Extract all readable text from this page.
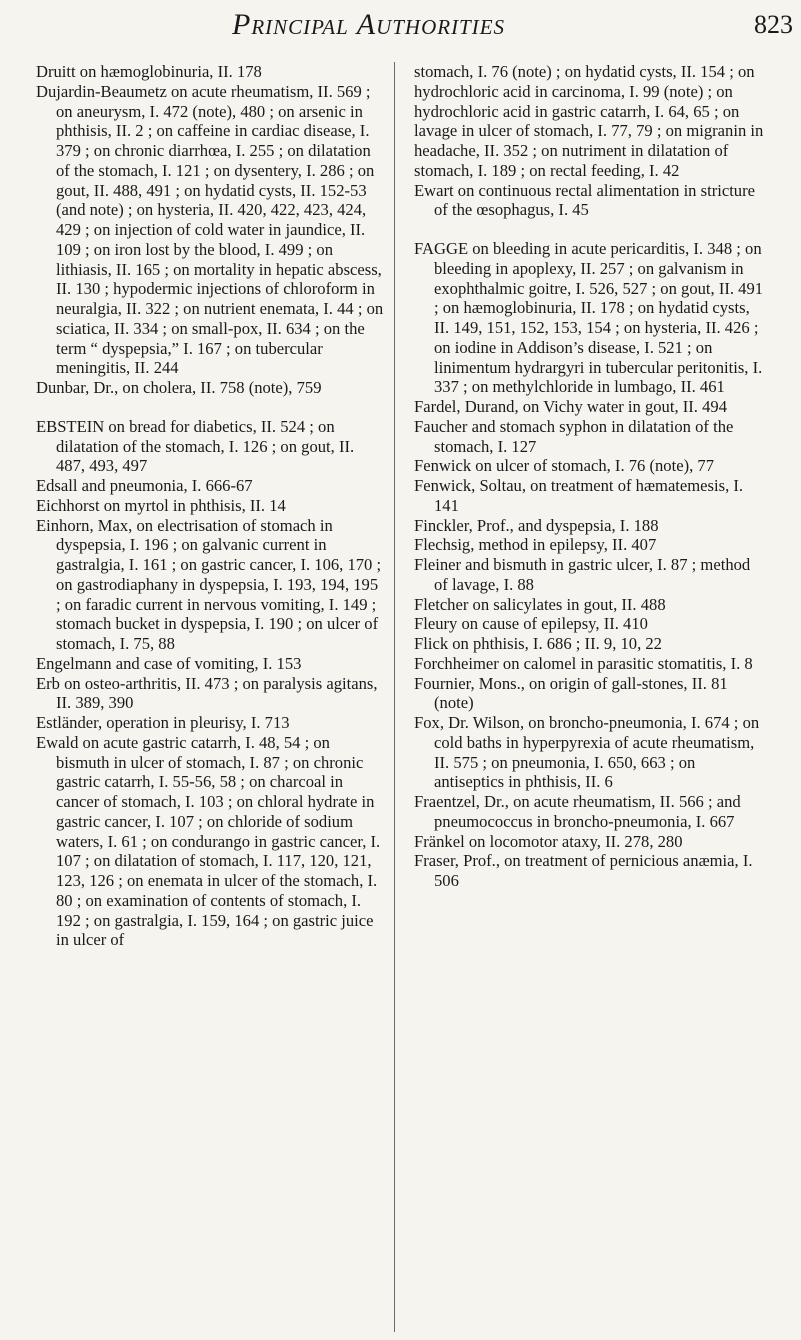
Principal Authorities	823

Druitt on hæmoglobinuria, II. 178

Dujardin-Beaumetz on acute rheumatism, II. 569 ; on aneurysm, I. 472 (note), 480 ; on arsenic in phthisis, II. 2 ; on caffeine in cardiac disease, I. 379 ; on chronic diarrhœa, I. 255 ; on dilatation of the stomach, I. 121 ; on dysentery, I. 286 ; on gout, II. 488, 491 ; on hydatid cysts, II. 152-53 (and note) ; on hysteria, II. 420, 422, 423, 424, 429 ; on injection of cold water in jaundice, II. 109 ; on iron lost by the blood, I. 499 ; on lithiasis, II. 165 ; on mortality in hepatic abscess, II. 130 ; hypodermic injections of chloroform in neuralgia, II. 322 ; on nutrient enemata, I. 44 ; on sciatica, II. 334 ; on small-pox, II. 634 ; on the term “ dyspepsia,” I. 167 ; on tubercular meningitis, II. 244

Dunbar, Dr., on cholera, II. 758 (note), 759

EBSTEIN on bread for diabetics, II. 524 ; on dilatation of the stomach, I. 126 ; on gout, II. 487, 493, 497

Edsall and pneumonia, I. 666-67

Eichhorst on myrtol in phthisis, II. 14

Einhorn, Max, on electrisation of stomach in dyspepsia, I. 196 ; on galvanic current in gastralgia, I. 161 ; on gastric cancer, I. 106, 170 ; on gastrodiaphany in dyspepsia, I. 193, 194, 195 ; on faradic current in nervous vomiting, I. 149 ; stomach bucket in dyspepsia, I. 190 ; on ulcer of stomach, I. 75, 88

Engelmann and case of vomiting, I. 153

Erb on osteo-arthritis, II. 473 ; on paralysis agitans, II. 389, 390

Estländer, operation in pleurisy, I. 713

Ewald on acute gastric catarrh, I. 48, 54 ; on bismuth in ulcer of stomach, I. 87 ; on chronic gastric catarrh, I. 55-56, 58 ; on charcoal in cancer of stomach, I. 103 ; on chloral hydrate in gastric cancer, I. 107 ; on chloride of sodium waters, I. 61 ; on condurango in gastric cancer, I. 107 ; on dilatation of stomach, I. 117, 120, 121, 123, 126 ; on enemata in ulcer of the stomach, I. 80 ; on examination of contents of stomach, I. 192 ; on gastralgia, I. 159, 164 ; on gastric juice in ulcer of

stomach, I. 76 (note) ; on hydatid cysts, II. 154 ; on hydrochloric acid in carcinoma, I. 99 (note) ; on hydrochloric acid in gastric catarrh, I. 64, 65 ; on lavage in ulcer of stomach, I. 77, 79 ; on migranin in headache, II. 352 ; on nutriment in dilatation of stomach, I. 189 ; on rectal feeding, I. 42

Ewart on continuous rectal alimentation in stricture of the œsophagus, I. 45

FAGGE on bleeding in acute pericarditis, I. 348 ; on bleeding in apoplexy, II. 257 ; on galvanism in exophthalmic goitre, I. 526, 527 ; on gout, II. 491 ; on hæmoglobinuria, II. 178 ; on hydatid cysts, II. 149, 151, 152, 153, 154 ; on hysteria, II. 426 ; on iodine in Addison’s disease, I. 521 ; on linimentum hydrargyri in tubercular peritonitis, I. 337 ; on methylchloride in lumbago, II. 461

Fardel, Durand, on Vichy water in gout, II. 494

Faucher and stomach syphon in dilatation of the stomach, I. 127

Fenwick on ulcer of stomach, I. 76 (note), 77

Fenwick, Soltau, on treatment of hæmatemesis, I. 141

Finckler, Prof., and dyspepsia, I. 188

Flechsig, method in epilepsy, II. 407

Fleiner and bismuth in gastric ulcer, I. 87 ; method of lavage, I. 88

Fletcher on salicylates in gout, II. 488

Fleury on cause of epilepsy, II. 410

Flick on phthisis, I. 686 ; II. 9, 10, 22

Forchheimer on calomel in parasitic stomatitis, I. 8

Fournier, Mons., on origin of gall-stones, II. 81 (note)

Fox, Dr. Wilson, on broncho-pneumonia, I. 674 ; on cold baths in hyperpyrexia of acute rheumatism, II. 575 ; on pneumonia, I. 650, 663 ; on antiseptics in phthisis, II. 6

Fraentzel, Dr., on acute rheumatism, II. 566 ; and pneumococcus in broncho-pneumonia, I. 667

Fränkel on locomotor ataxy, II. 278, 280

Fraser, Prof., on treatment of pernicious anæmia, I. 506
